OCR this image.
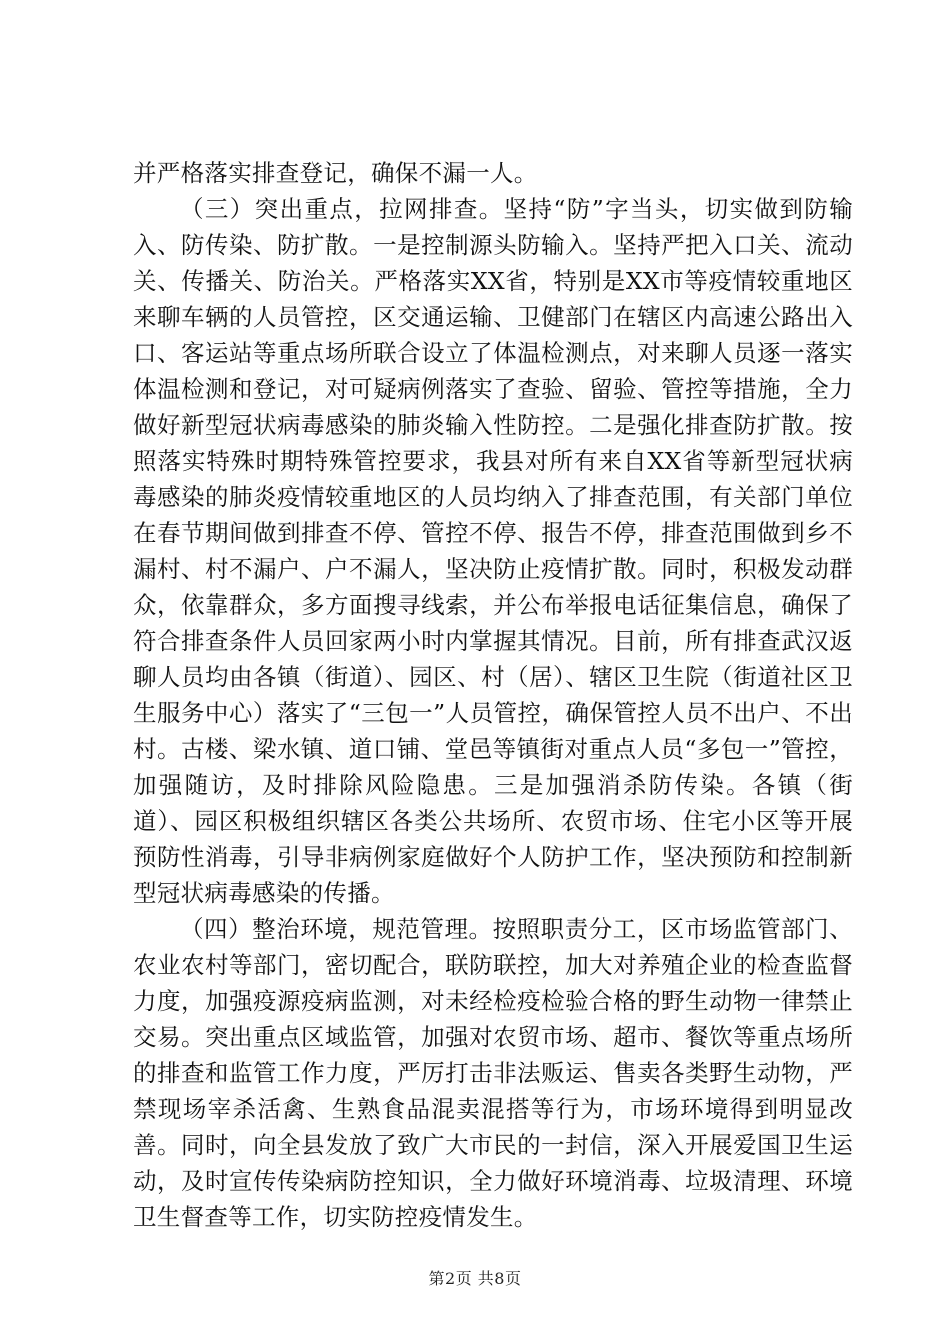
并严格落实排查登记，确保不漏一人。

（三）突出重点，拉网排查。坚持“防”字当头，切实做到防输入、防传染、防扩散。一是控制源头防输入。坚持严把入口关、流动关、传播关、防治关。严格落实XX省，特别是XX市等疫情较重地区来聊车辆的人员管控，区交通运输、卫健部门在辖区内高速公路出入口、客运站等重点场所联合设立了体温检测点，对来聊人员逐一落实体温检测和登记，对可疑病例落实了查验、留验、管控等措施，全力做好新型冠状病毒感染的肺炎输入性防控。二是强化排查防扩散。按照落实特殊时期特殊管控要求，我县对所有来自XX省等新型冠状病毒感染的肺炎疫情较重地区的人员均纳入了排查范围，有关部门单位在春节期间做到排查不停、管控不停、报告不停，排查范围做到乡不漏村、村不漏户、户不漏人，坚决防止疫情扩散。同时，积极发动群众，依靠群众，多方面搜寻线索，并公布举报电话征集信息，确保了符合排查条件人员回家两小时内掌握其情况。目前，所有排查武汉返聊人员均由各镇（街道）、园区、村（居）、辖区卫生院（街道社区卫生服务中心）落实了“三包一”人员管控，确保管控人员不出户、不出村。古楼、梁水镇、道口铺、堂邑等镇街对重点人员“多包一”管控，加强随访，及时排除风险隐患。三是加强消杀防传染。各镇（街道）、园区积极组织辖区各类公共场所、农贸市场、住宅小区等开展预防性消毒，引导非病例家庭做好个人防护工作，坚决预防和控制新型冠状病毒感染的传播。

（四）整治环境，规范管理。按照职责分工，区市场监管部门、农业农村等部门，密切配合，联防联控，加大对养殖企业的检查监督力度，加强疫源疫病监测，对未经检疫检验合格的野生动物一律禁止交易。突出重点区域监管，加强对农贸市场、超市、餐饮等重点场所的排查和监管工作力度，严厉打击非法贩运、售卖各类野生动物，严禁现场宰杀活禽、生熟食品混卖混搭等行为，市场环境得到明显改善。同时，向全县发放了致广大市民的一封信，深入开展爱国卫生运动，及时宣传传染病防控知识，全力做好环境消毒、垃圾清理、环境卫生督查等工作，切实防控疫情发生。

第2页 共8页
